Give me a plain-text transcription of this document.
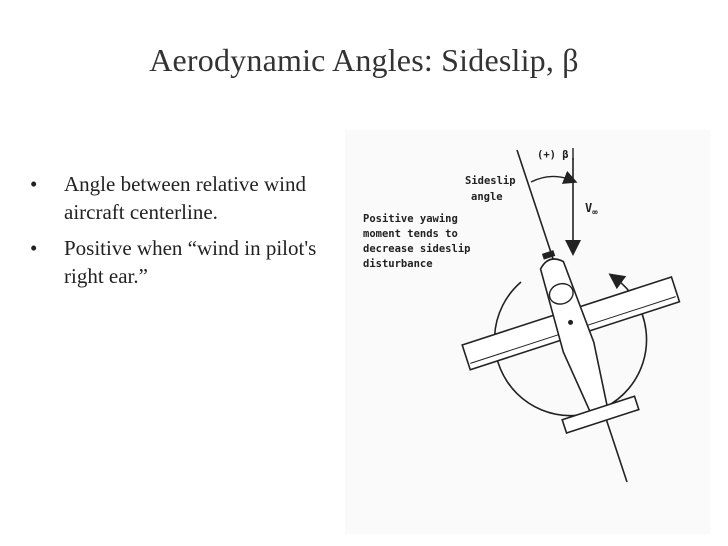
Aerodynamic Angles: Sideslip, β
• Angle between relative wind aircraft centerline.
• Positive when “wind in pilot's right ear.”
(+) β
Sideslip
angle
$V_\infty$
Positive yawing
moment tends to
decrease sideslip
disturbance
